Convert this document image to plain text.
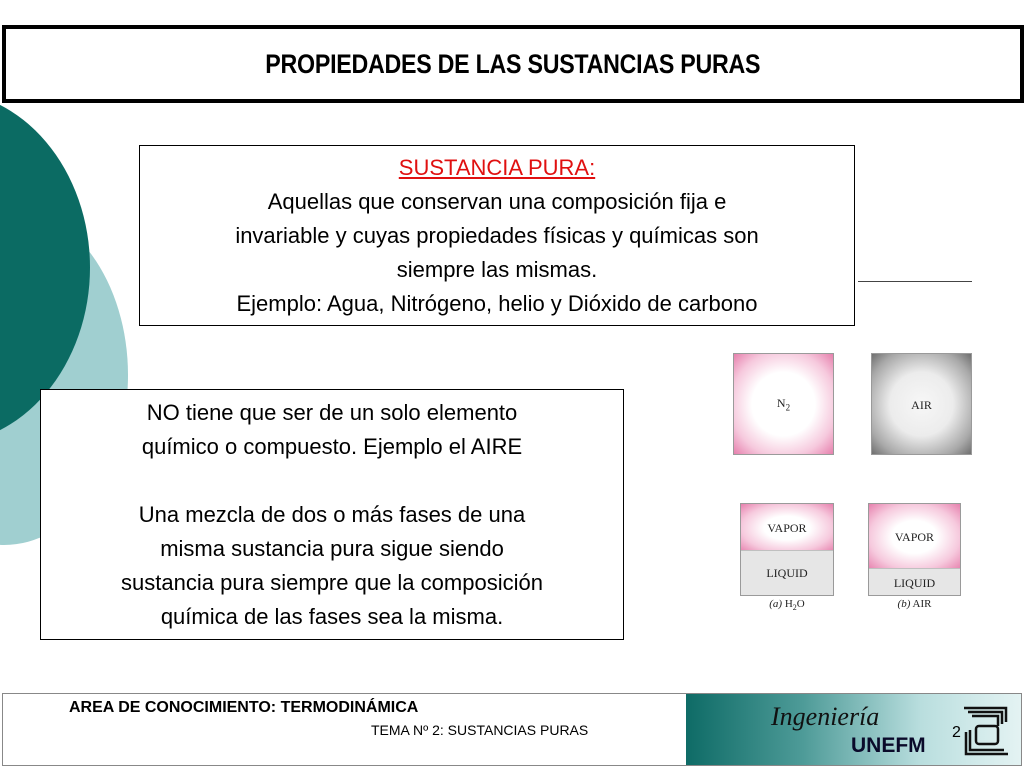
PROPIEDADES DE LAS SUSTANCIAS PURAS
SUSTANCIA PURA:
Aquellas que conservan una composición fija e
invariable y cuyas propiedades físicas y químicas son
siempre las mismas.
Ejemplo: Agua, Nitrógeno, helio y Dióxido de carbono
NO tiene que ser de un solo elemento
químico o compuesto. Ejemplo el AIRE
Una mezcla de dos o más fases de una
misma sustancia pura sigue siendo
sustancia pura siempre que la composición
química de las fases sea la misma.
$N_2$	AIR
VAPOR
LIQUID
(a) $H_2O$
VAPOR
LIQUID
(b) AIR
AREA DE CONOCIMIENTO: TERMODINÁMICA
TEMA Nº 2: SUSTANCIAS PURAS	Ingeniería
UNEFM
2
